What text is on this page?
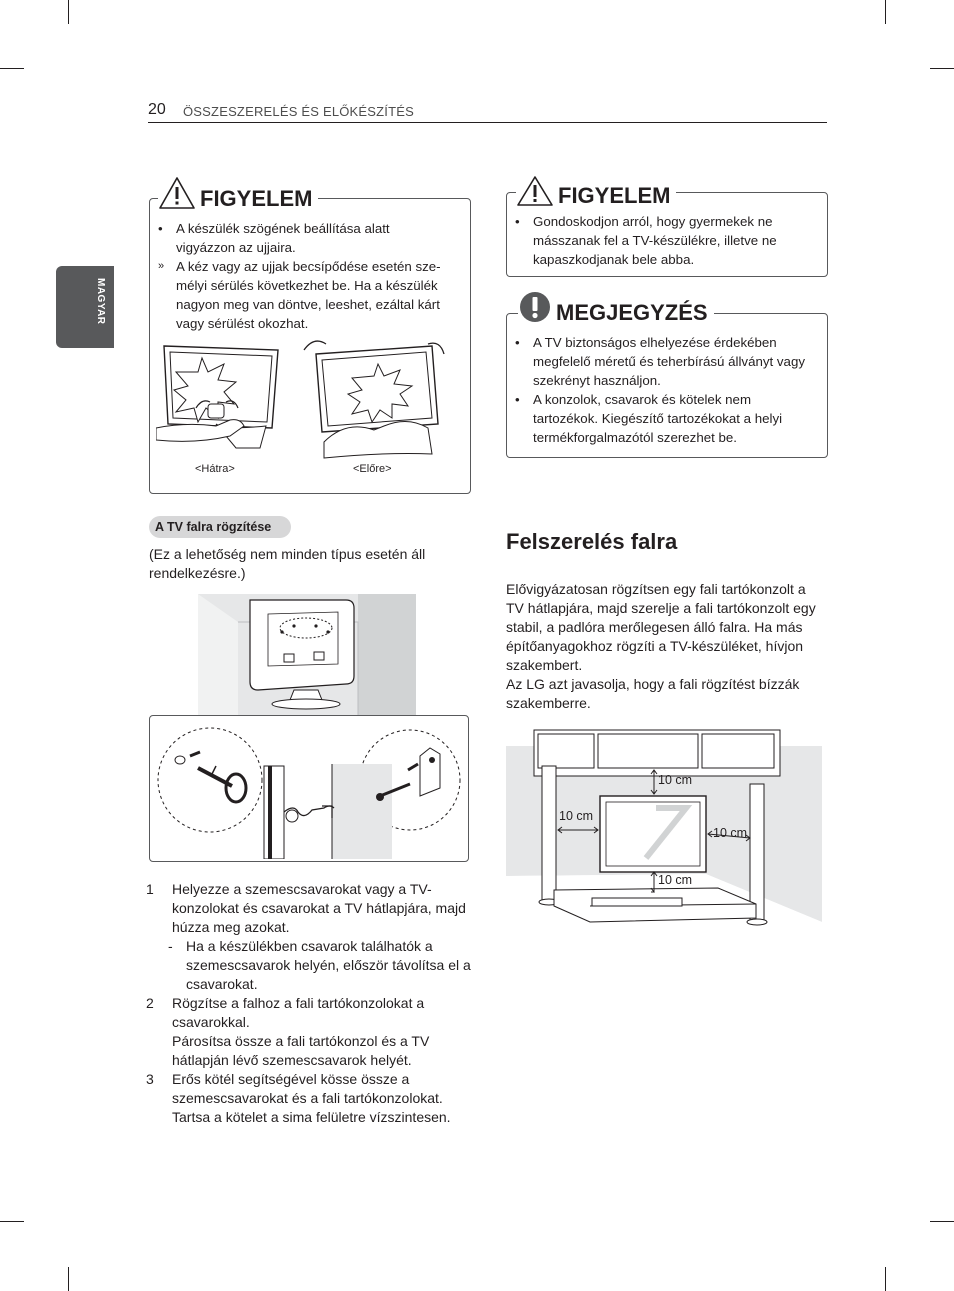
20 ÖSSZESZERELÉS ÉS ELŐKÉSZÍTÉS
MAGYAR
FIGYELEM
• A készülék szögének beállítása alatt vigyázzon az ujjaira.
» A kéz vagy az ujjak becsípődése esetén sze-mélyi sérülés következhet be. Ha a készülék nagyon meg van döntve, leeshet, ezáltal kárt vagy sérülést okozhat.
<Hátra>	<Előre>
FIGYELEM
• Gondoskodjon arról, hogy gyermekek ne másszanak fel a TV-készülékre, illetve ne kapaszkodjanak bele abba.
MEGJEGYZÉS
• A TV biztonságos elhelyezése érdekében megfelelő méretű és teherbírású állványt vagy szekrényt használjon.
• A konzolok, csavarok és kötelek nem tartozékok. Kiegészítő tartozékokat a helyi termékforgalmazótól szerezhet be.
A TV falra rögzítése
(Ez a lehetőség nem minden típus esetén áll rendelkezésre.)
1 Helyezze a szemescsavarokat vagy a TV-konzolokat és csavarokat a TV hátlapjára, majd húzza meg azokat.
- Ha a készülékben csavarok találhatók a szemescsavarok helyén, először távolítsa el a csavarokat.
2 Rögzítse a falhoz a fali tartókonzolokat a csavarokkal.
Párosítsa össze a fali tartókonzol és a TV hátlapján lévő szemescsavarok helyét.
3 Erős kötél segítségével kösse össze a szemescsavarokat és a fali tartókonzolokat. Tartsa a kötelet a sima felületre vízszintesen.
Felszerelés falra
Elővigyázatosan rögzítsen egy fali tartókonzolt a TV hátlapjára, majd szerelje a fali tartókonzolt egy stabil, a padlóra merőlegesen álló falra. Ha más építőanyagokhoz rögzíti a TV-készüléket, hívjon szakembert.
Az LG azt javasolja, hogy a fali rögzítést bízzák szakemberre.
10 cm
10 cm
10 cm
10 cm
